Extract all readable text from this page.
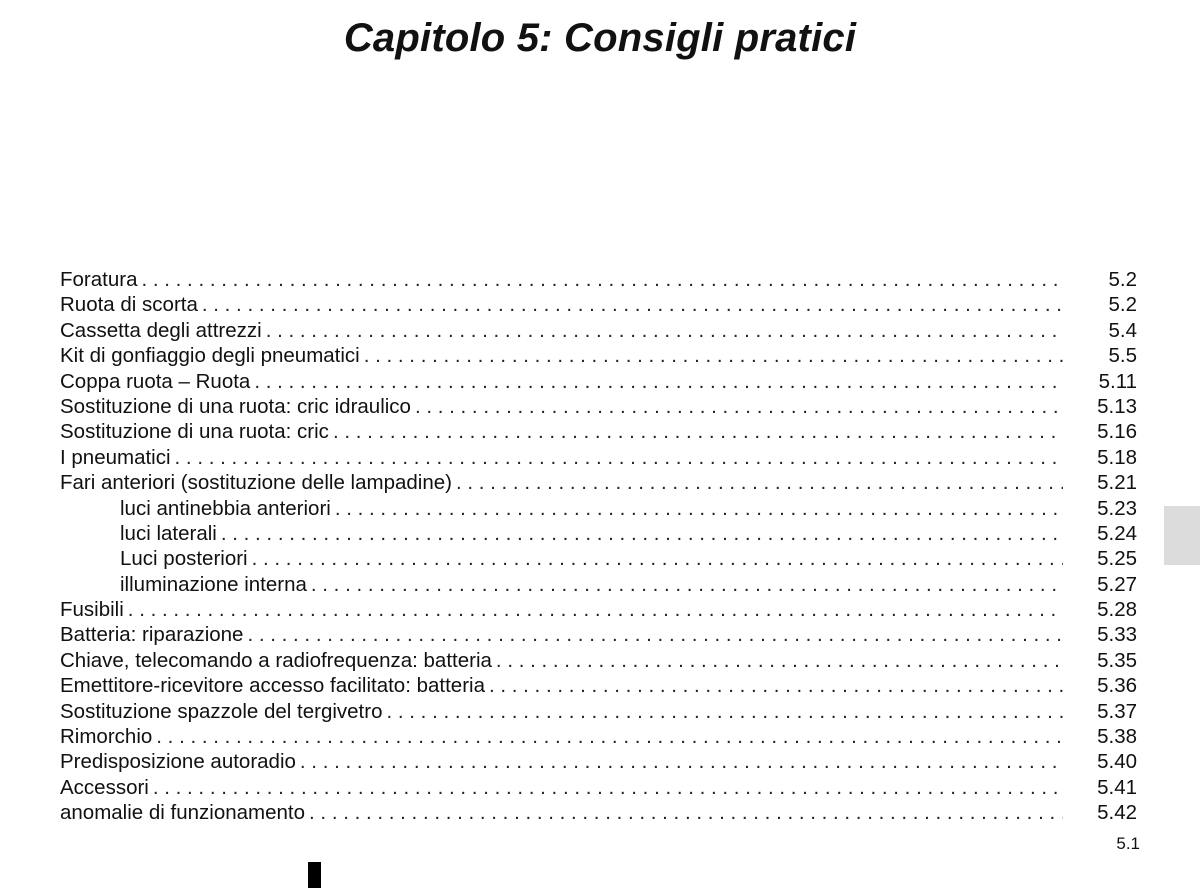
Capitolo 5: Consigli pratici
Foratura . . .	5.2
Ruota di scorta . . .	5.2
Cassetta degli attrezzi . . .	5.4
Kit di gonfiaggio degli pneumatici . . .	5.5
Coppa ruota – Ruota . . .	5.11
Sostituzione di una ruota: cric idraulico . . .	5.13
Sostituzione di una ruota: cric . . .	5.16
I pneumatici . . .	5.18
Fari anteriori (sostituzione delle lampadine) . . .	5.21
luci antinebbia anteriori . . .	5.23
luci laterali . . .	5.24
Luci posteriori . . .	5.25
illuminazione interna . . .	5.27
Fusibili . . .	5.28
Batteria: riparazione . . .	5.33
Chiave, telecomando a radiofrequenza: batteria . . .	5.35
Emettitore-ricevitore accesso facilitato: batteria . . .	5.36
Sostituzione spazzole del tergivetro . . .	5.37
Rimorchio . . .	5.38
Predisposizione autoradio . . .	5.40
Accessori . . .	5.41
anomalie di funzionamento . . .	5.42
5.1
